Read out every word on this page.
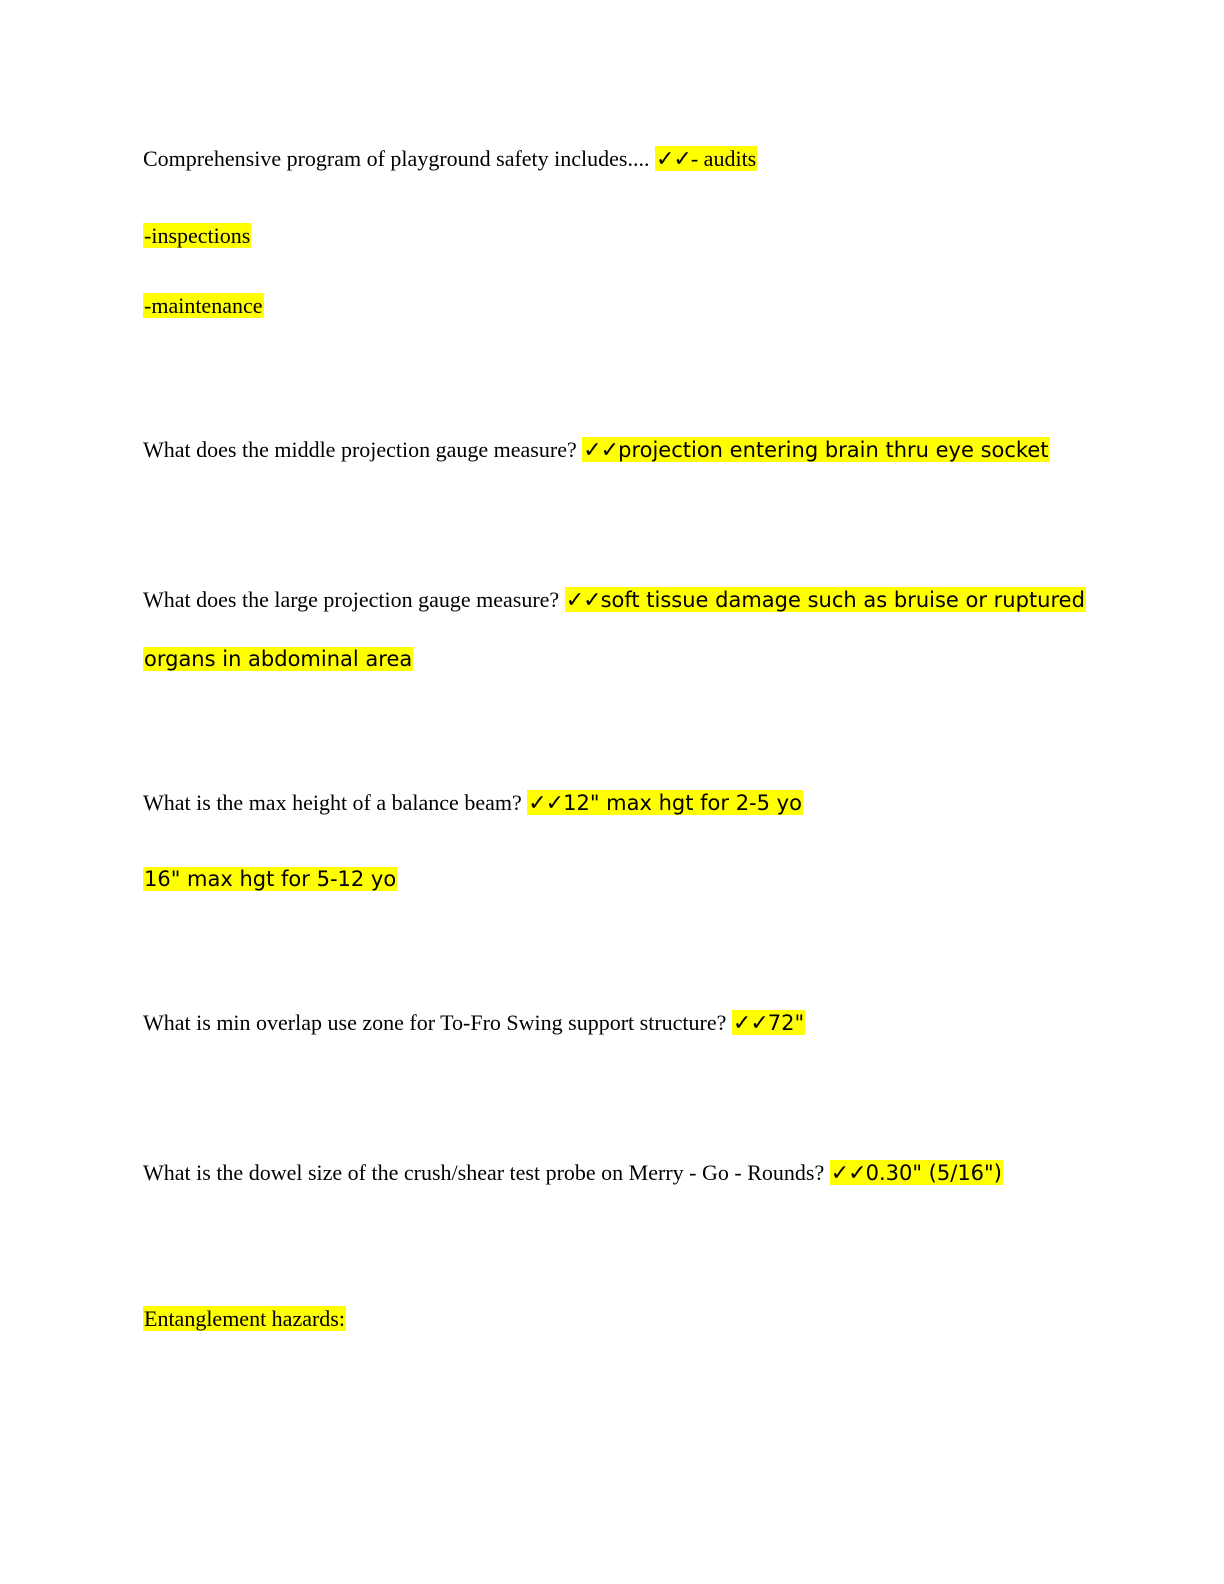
Comprehensive program of playground safety includes.... ✓✓- audits
-inspections
-maintenance
What does the middle projection gauge measure? ✓✓projection entering brain thru eye socket
What does the large projection gauge measure? ✓✓soft tissue damage such as bruise or ruptured
organs in abdominal area
What is the max height of a balance beam? ✓✓12" max hgt for 2-5 yo
16" max hgt for 5-12 yo
What is min overlap use zone for To-Fro Swing support structure? ✓✓72"
What is the dowel size of the crush/shear test probe on Merry - Go - Rounds? ✓✓0.30" (5/16")
Entanglement hazards:
